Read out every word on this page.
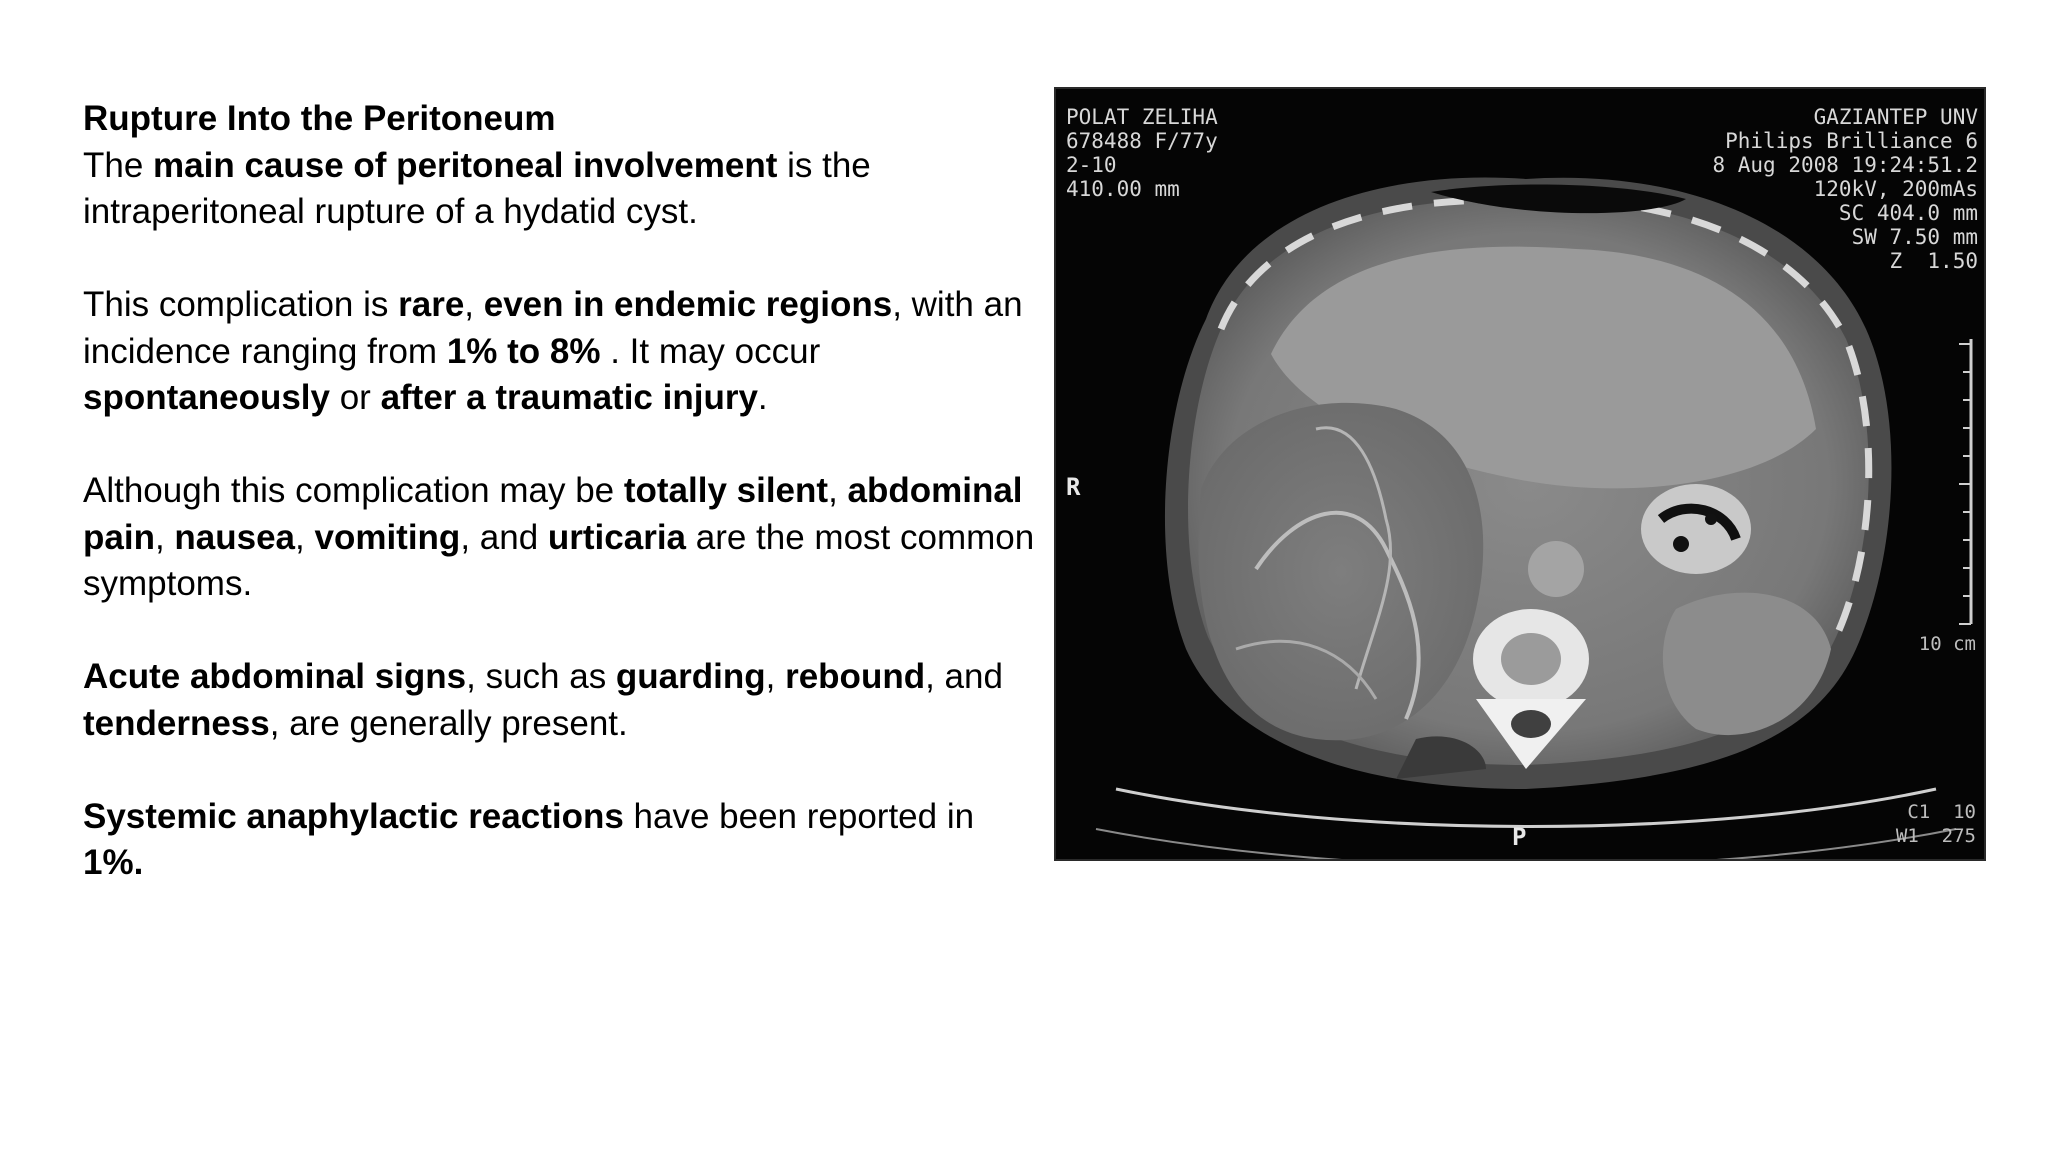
Rupture Into the Peritoneum
The main cause of peritoneal involvement is the intraperitoneal rupture of a hydatid cyst.
This complication is rare, even in endemic regions, with an incidence ranging from 1% to 8% . It may occur spontaneously or after a traumatic injury.
Although this complication may be totally silent, abdominal pain, nausea, vomiting, and urticaria are the most common symptoms.
Acute abdominal signs, such as guarding, rebound, and tenderness, are generally present.
Systemic anaphylactic reactions have been reported in 1%.
POLAT ZELIHA
678488 F/77y
2-10
410.00 mm
GAZIANTEP UNV
Philips Brilliance 6
8 Aug 2008 19:24:51.2
120kV, 200mAs
SC 404.0 mm
SW 7.50 mm
Z  1.50
R
P
10 cm
C1  10
W1  275
